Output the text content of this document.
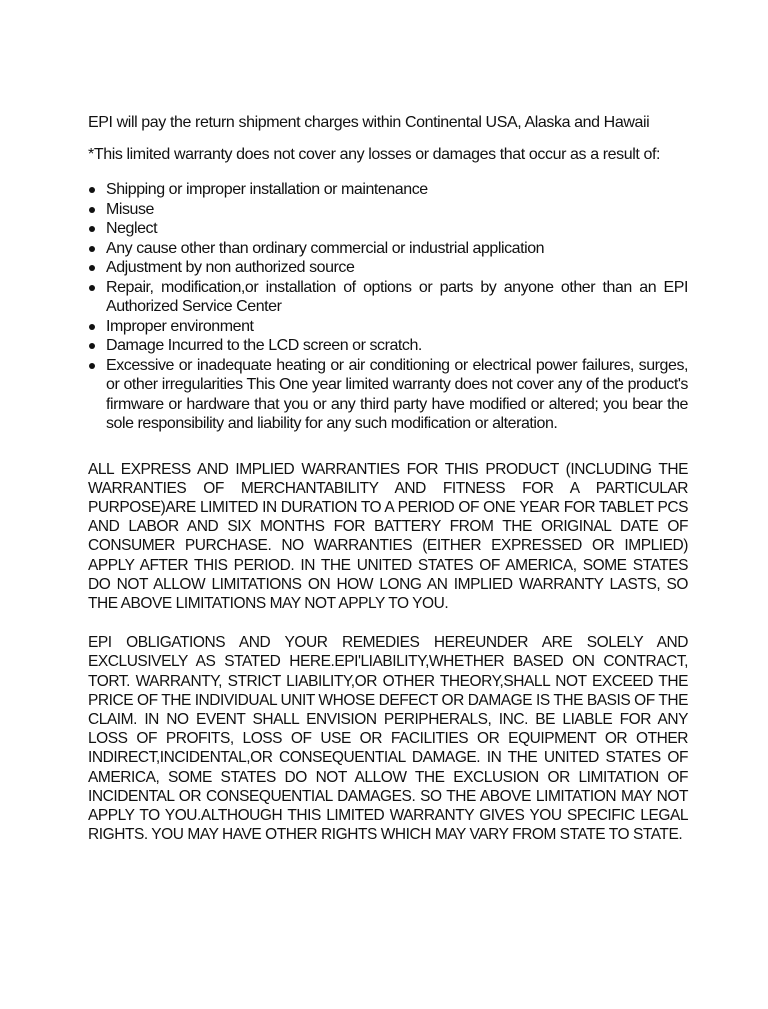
EPI will pay the return shipment charges within Continental USA, Alaska and Hawaii

*This limited warranty does not cover any losses or damages that occur as a result of:

Shipping or improper installation or maintenance
Misuse
Neglect
Any cause other than ordinary commercial or industrial application
Adjustment by non authorized source
Repair, modification,or installation of options or parts by anyone other than an EPI Authorized Service Center
Improper environment
Damage Incurred to the LCD screen or scratch.
Excessive or inadequate heating or air conditioning or electrical power failures, surges, or other irregularities This One year limited warranty does not cover any of the product's firmware or hardware that you or any third party have modified or altered; you bear the sole responsibility and liability for any such modification or alteration.

ALL EXPRESS AND IMPLIED WARRANTIES FOR THIS PRODUCT (INCLUDING THE WARRANTIES OF MERCHANTABILITY AND FITNESS FOR A PARTICULAR PURPOSE)ARE LIMITED IN DURATION TO A PERIOD OF ONE YEAR FOR TABLET PCS AND LABOR AND SIX MONTHS FOR BATTERY FROM THE ORIGINAL DATE OF CONSUMER PURCHASE. NO WARRANTIES (EITHER EXPRESSED OR IMPLIED) APPLY AFTER THIS PERIOD. IN THE UNITED STATES OF AMERICA, SOME STATES DO NOT ALLOW LIMITATIONS ON HOW LONG AN IMPLIED WARRANTY LASTS, SO THE ABOVE LIMITATIONS MAY NOT APPLY TO YOU.

EPI OBLIGATIONS AND YOUR REMEDIES HEREUNDER ARE SOLELY AND EXCLUSIVELY AS STATED HERE.EPI'LIABILITY,WHETHER BASED ON CONTRACT, TORT. WARRANTY, STRICT LIABILITY,OR OTHER THEORY,SHALL NOT EXCEED THE PRICE OF THE INDIVIDUAL UNIT WHOSE DEFECT OR DAMAGE IS THE BASIS OF THE CLAIM. IN NO EVENT SHALL ENVISION PERIPHERALS, INC. BE LIABLE FOR ANY LOSS OF PROFITS, LOSS OF USE OR FACILITIES OR EQUIPMENT OR OTHER INDIRECT,INCIDENTAL,OR CONSEQUENTIAL DAMAGE. IN THE UNITED STATES OF AMERICA, SOME STATES DO NOT ALLOW THE EXCLUSION OR LIMITATION OF INCIDENTAL OR CONSEQUENTIAL DAMAGES. SO THE ABOVE LIMITATION MAY NOT APPLY TO YOU.ALTHOUGH THIS LIMITED WARRANTY GIVES YOU SPECIFIC LEGAL RIGHTS. YOU MAY HAVE OTHER RIGHTS WHICH MAY VARY FROM STATE TO STATE.
